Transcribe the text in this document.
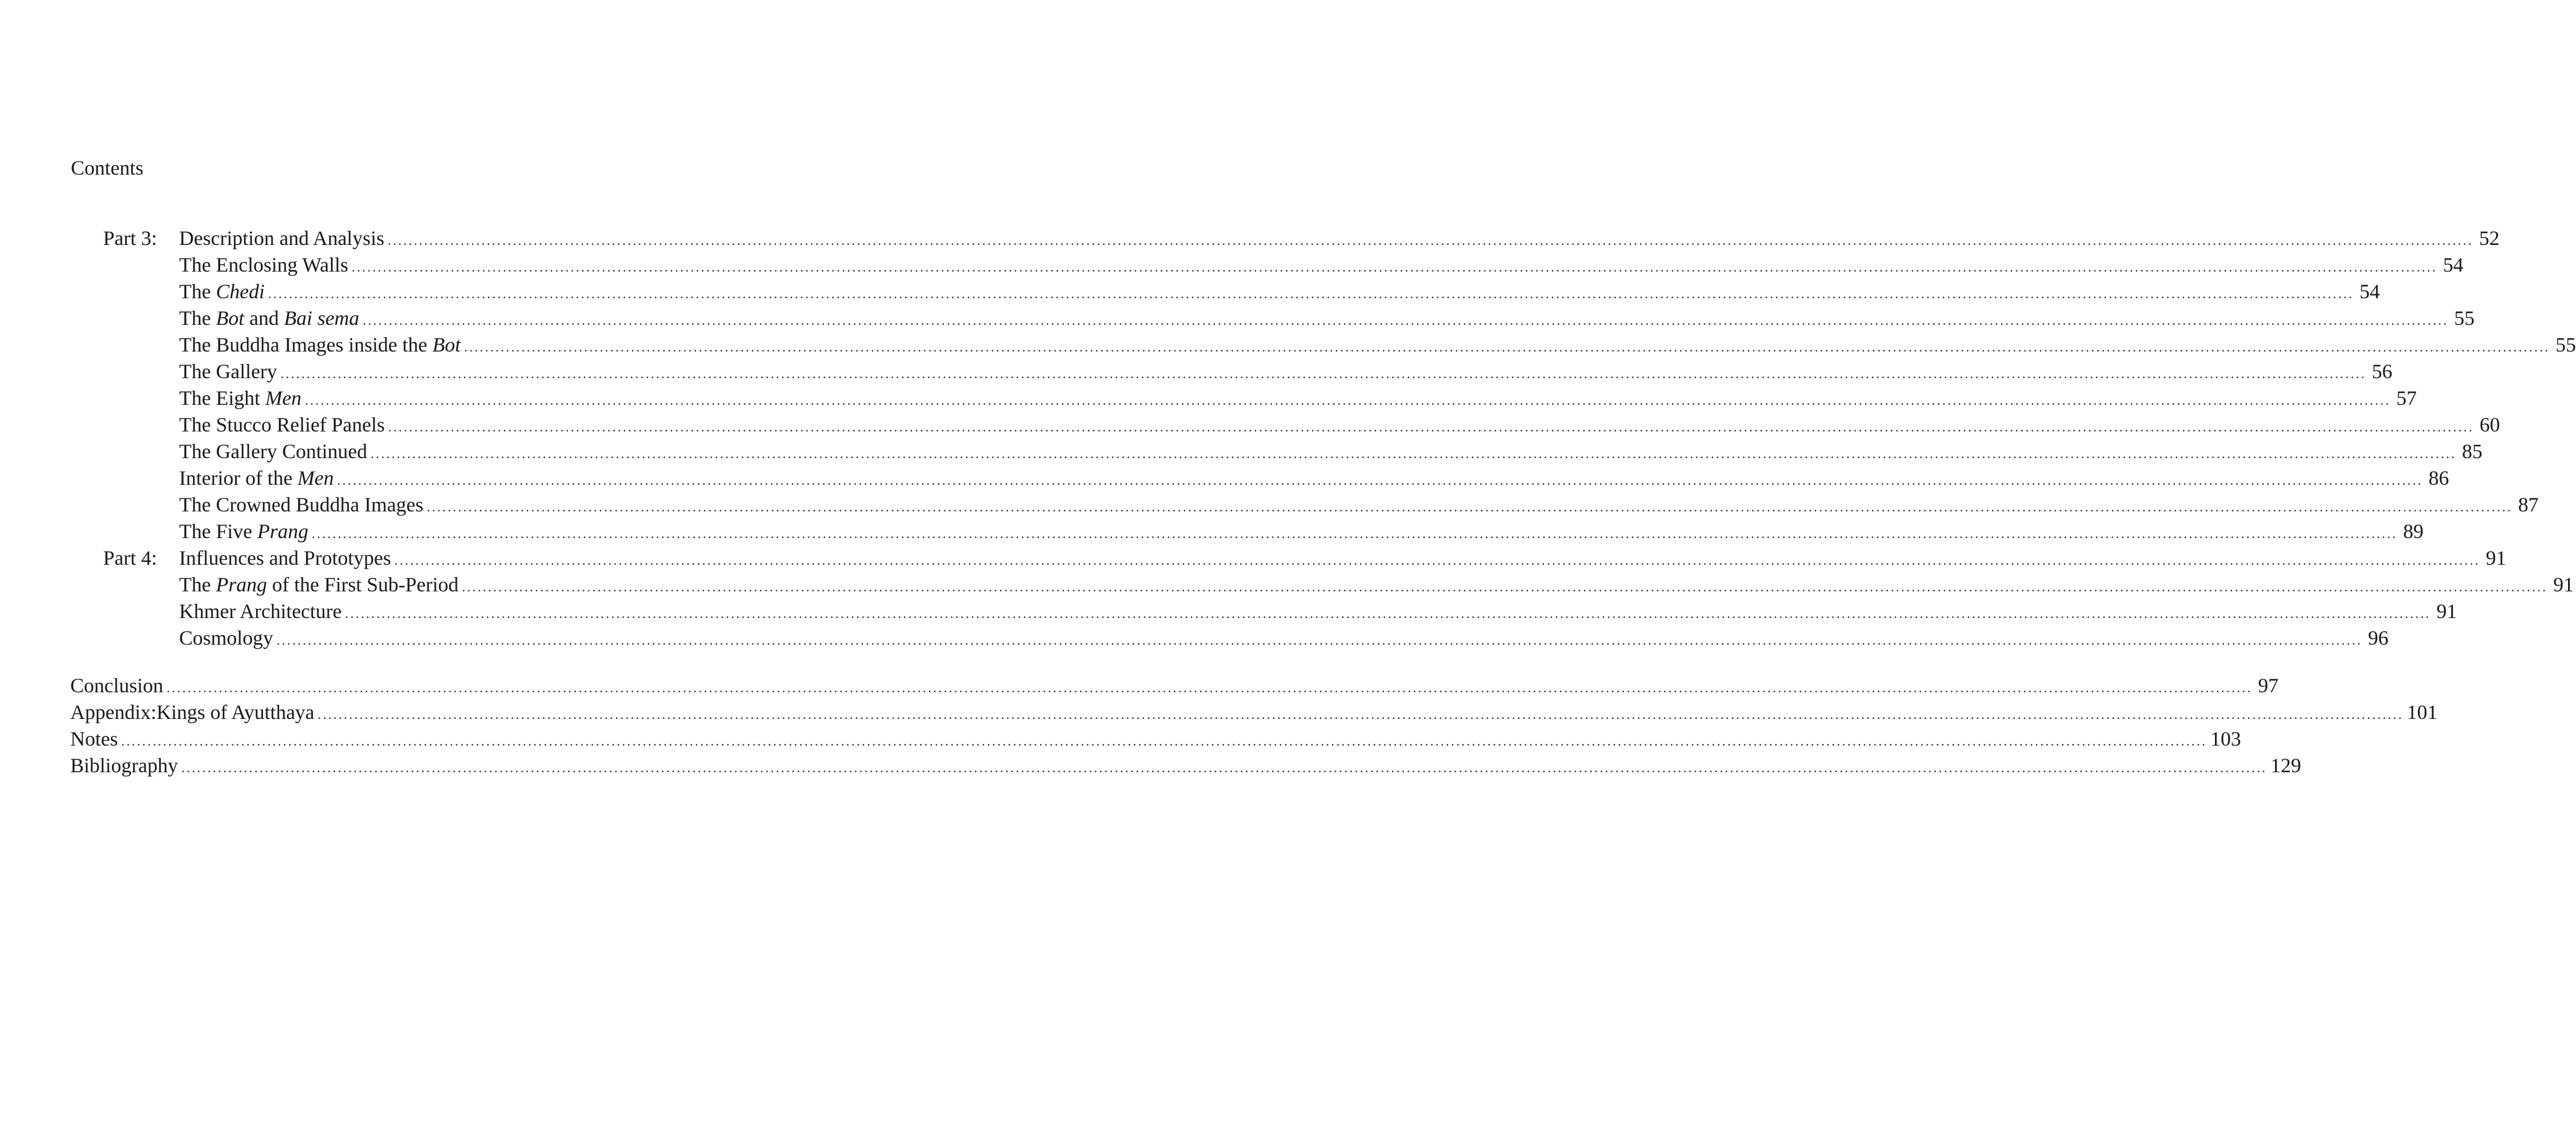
Contents
Part 3: Description and Analysis ................................................................................................................................................................................................................................................................................................................................................................................................................ 52
The Enclosing Walls ................................................................................................................................................................................................................................................................................................................................................................................................................ 54
The Chedi ................................................................................................................................................................................................................................................................................................................................................................................................................ 54
The Bot and Bai sema ................................................................................................................................................................................................................................................................................................................................................................................................................ 55
The Buddha Images inside the Bot ................................................................................................................................................................................................................................................................................................................................................................................................................ 55
The Gallery ................................................................................................................................................................................................................................................................................................................................................................................................................ 56
The Eight Men ................................................................................................................................................................................................................................................................................................................................................................................................................ 57
The Stucco Relief Panels ................................................................................................................................................................................................................................................................................................................................................................................................................ 60
The Gallery Continued ................................................................................................................................................................................................................................................................................................................................................................................................................ 85
Interior of the Men ................................................................................................................................................................................................................................................................................................................................................................................................................ 86
The Crowned Buddha Images ................................................................................................................................................................................................................................................................................................................................................................................................................ 87
The Five Prang ................................................................................................................................................................................................................................................................................................................................................................................................................ 89
Part 4: Influences and Prototypes ................................................................................................................................................................................................................................................................................................................................................................................................................ 91
The Prang of the First Sub-Period ................................................................................................................................................................................................................................................................................................................................................................................................................ 91
Khmer Architecture ................................................................................................................................................................................................................................................................................................................................................................................................................ 91
Cosmology ................................................................................................................................................................................................................................................................................................................................................................................................................ 96
Conclusion ................................................................................................................................................................................................................................................................................................................................................................................................................ 97
Appendix: Kings of Ayutthaya ................................................................................................................................................................................................................................................................................................................................................................................................................ 101
Notes ................................................................................................................................................................................................................................................................................................................................................................................................................ 103
Bibliography ................................................................................................................................................................................................................................................................................................................................................................................................................ 129
